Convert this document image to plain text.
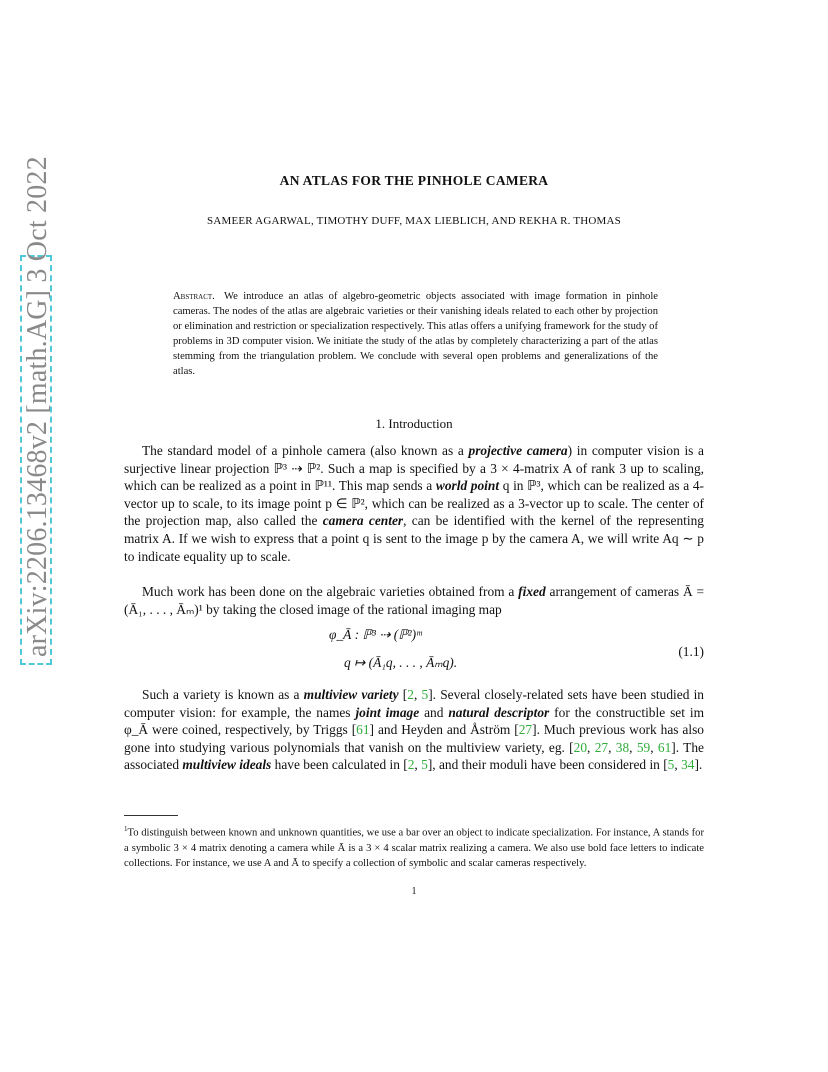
arXiv:2206.13468v2 [math.AG] 3 Oct 2022	AN ATLAS FOR THE PINHOLE CAMERA
SAMEER AGARWAL, TIMOTHY DUFF, MAX LIEBLICH, AND REKHA R. THOMAS
Abstract. We introduce an atlas of algebro-geometric objects associated with image formation in pinhole cameras. The nodes of the atlas are algebraic varieties or their vanishing ideals related to each other by projection or elimination and restriction or specialization respectively. This atlas offers a unifying framework for the study of problems in 3D computer vision. We initiate the study of the atlas by completely characterizing a part of the atlas stemming from the triangulation problem. We conclude with several open problems and generalizations of the atlas.
1. Introduction

The standard model of a pinhole camera (also known as a projective camera) in computer vision is a surjective linear projection ℙ³ ⇢ ℙ². Such a map is specified by a 3 × 4-matrix A of rank 3 up to scaling, which can be realized as a point in ℙ¹¹. This map sends a world point q in ℙ³, which can be realized as a 4-vector up to scale, to its image point p ∈ ℙ², which can be realized as a 3-vector up to scale. The center of the projection map, also called the camera center, can be identified with the kernel of the representing matrix A. If we wish to express that a point q is sent to the image p by the camera A, we will write Aq ∼ p to indicate equality up to scale.

Much work has been done on the algebraic varieties obtained from a fixed arrangement of cameras Ā = (Ā₁, . . . , Āₘ)¹ by taking the closed image of the rational imaging map

φ_Ā : ℙ³ ⇢ (ℙ²)ᵐ
q ↦ (Ā₁q, . . . , Āₘq).
(1.1)

Such a variety is known as a multiview variety [2, 5]. Several closely-related sets have been studied in computer vision: for example, the names joint image and natural descriptor for the constructible set im φ_Ā were coined, respectively, by Triggs [61] and Heyden and Åström [27]. Much previous work has also gone into studying various polynomials that vanish on the multiview variety, eg. [20, 27, 38, 59, 61]. The associated multiview ideals have been calculated in [2, 5], and their moduli have been considered in [5, 34].

$^1$To distinguish between known and unknown quantities, we use a bar over an object to indicate specialization. For instance, A stands for a symbolic 3 × 4 matrix denoting a camera while Ā is a 3 × 4 scalar matrix realizing a camera. We also use bold face letters to indicate collections. For instance, we use A and Ā to specify a collection of symbolic and scalar cameras respectively.
1
